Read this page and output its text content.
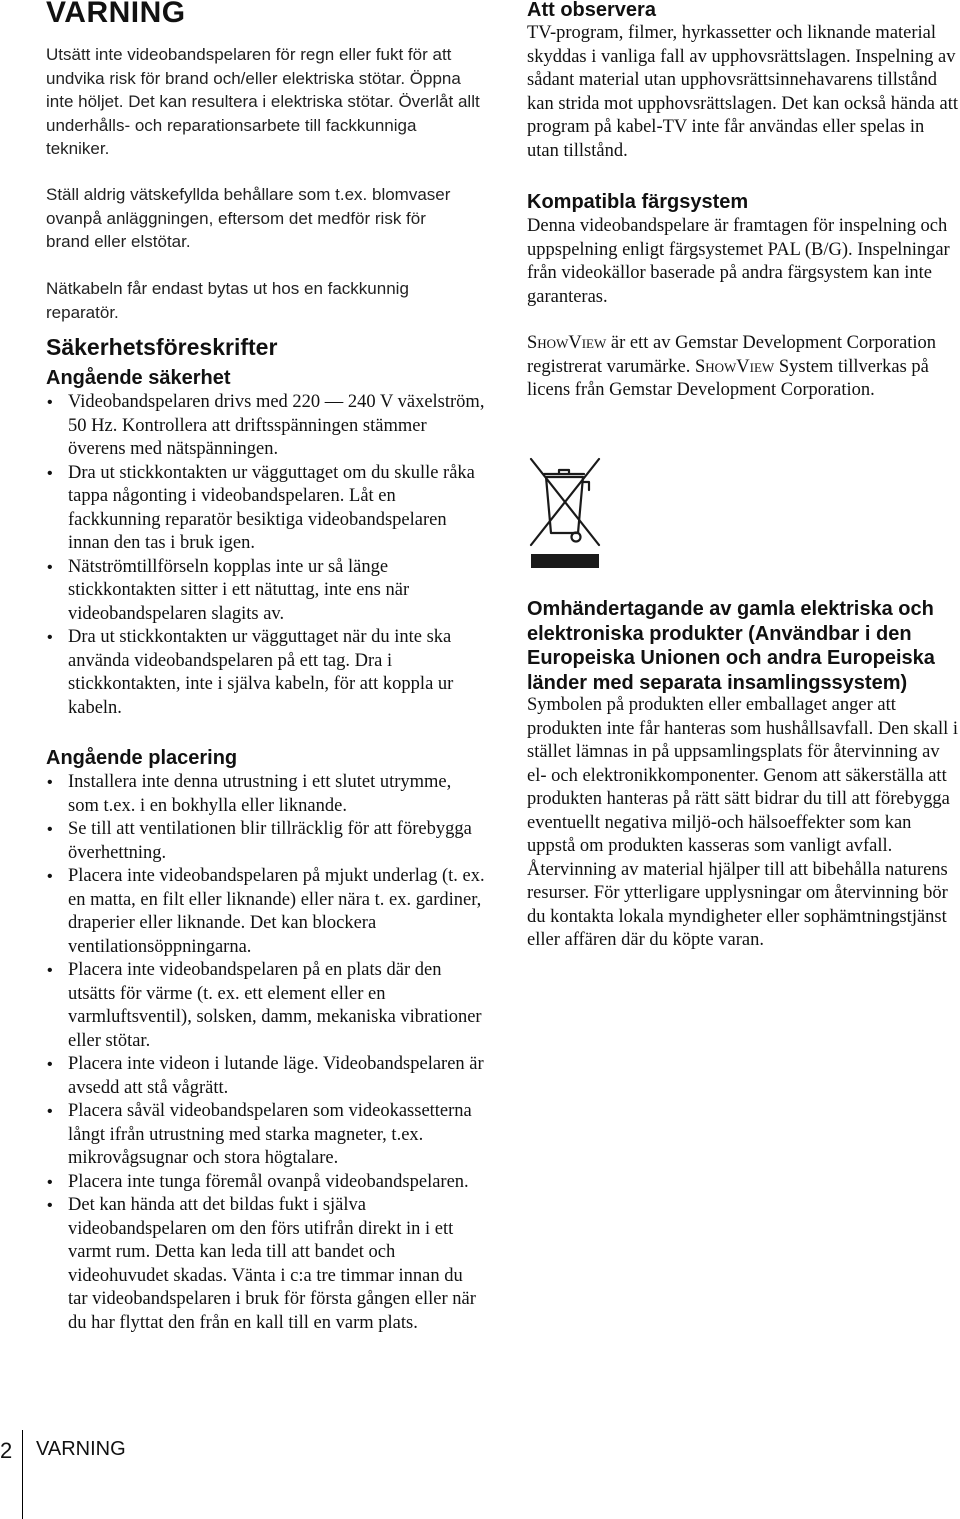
VARNING

Utsätt inte videobandspelaren för regn eller fukt för att undvika risk för brand och/eller elektriska stötar. Öppna inte höljet. Det kan resultera i elektriska stötar. Överlåt allt underhålls- och reparationsarbete till fackkunniga tekniker.

Ställ aldrig vätskefyllda behållare som t.ex. blomvaser ovanpå anläggningen, eftersom det medför risk för brand eller elstötar.

Nätkabeln får endast bytas ut hos en fackkunnig reparatör.

Säkerhetsföreskrifter
Angående säkerhet
• Videobandspelaren drivs med 220 — 240 V växelström, 50 Hz. Kontrollera att driftsspänningen stämmer överens med nätspänningen.
• Dra ut stickkontakten ur vägguttaget om du skulle råka tappa någonting i videobandspelaren. Låt en fackkunning reparatör besiktiga videobandspelaren innan den tas i bruk igen.
• Nätströmtillförseln kopplas inte ur så länge stickkontakten sitter i ett nätuttag, inte ens när videobandspelaren slagits av.
• Dra ut stickkontakten ur vägguttaget när du inte ska använda videobandspelaren på ett tag. Dra i stickkontakten, inte i själva kabeln, för att koppla ur kabeln.
Angående placering
• Installera inte denna utrustning i ett slutet utrymme, som t.ex. i en bokhylla eller liknande.
• Se till att ventilationen blir tillräcklig för att förebygga överhettning.
• Placera inte videobandspelaren på mjukt underlag (t. ex. en matta, en filt eller liknande) eller nära t. ex. gardiner, draperier eller liknande. Det kan blockera ventilationsöppningarna.
• Placera inte videobandspelaren på en plats där den utsätts för värme (t. ex. ett element eller en varmluftsventil), solsken, damm, mekaniska vibrationer eller stötar.
• Placera inte videon i lutande läge. Videobandspelaren är avsedd att stå vågrätt.
• Placera såväl videobandspelaren som videokassetterna långt ifrån utrustning med starka magneter, t.ex. mikrovågsugnar och stora högtalare.
• Placera inte tunga föremål ovanpå videobandspelaren.
• Det kan hända att det bildas fukt i själva videobandspelaren om den förs utifrån direkt in i ett varmt rum. Detta kan leda till att bandet och videohuvudet skadas. Vänta i c:a tre timmar innan du tar videobandspelaren i bruk för första gången eller när du har flyttat den från en kall till en varm plats.
Att observera

TV-program, filmer, hyrkassetter och liknande material skyddas i vanliga fall av upphovsrättslagen. Inspelning av sådant material utan upphovsrättsinnehavarens tillstånd kan strida mot upphovsrättslagen. Det kan också hända att program på kabel-TV inte får användas eller spelas in utan tillstånd.

Kompatibla färgsystem

Denna videobandspelare är framtagen för inspelning och uppspelning enligt färgsystemet PAL (B/G). Inspelningar från videokällor baserade på andra färgsystem kan inte garanteras.

ShowView är ett av Gemstar Development Corporation registrerat varumärke. ShowView System tillverkas på licens från Gemstar Development Corporation.

Omhändertagande av gamla elektriska och elektroniska produkter (Användbar i den Europeiska Unionen och andra Europeiska länder med separata insamlingssystem)

Symbolen på produkten eller emballaget anger att produkten inte får hanteras som hushållsavfall. Den skall i stället lämnas in på uppsamlingsplats för återvinning av el- och elektronikkomponenter. Genom att säkerställa att produkten hanteras på rätt sätt bidrar du till att förebygga eventuellt negativa miljö-och hälsoeffekter som kan uppstå om produkten kasseras som vanligt avfall. Återvinning av material hjälper till att bibehålla naturens resurser. För ytterligare upplysningar om återvinning bör du kontakta lokala myndigheter eller sophämtningstjänst eller affären där du köpte varan.

2 VARNING
